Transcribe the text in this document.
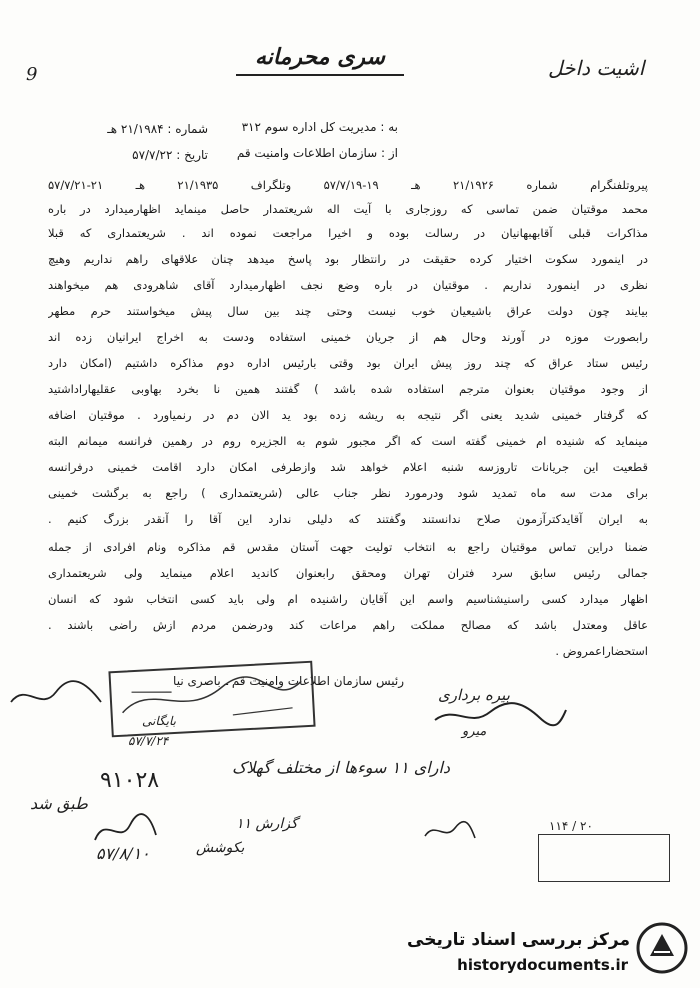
اشیت داخل
سری محرمانه
9
به : مدیریت کل اداره سوم ۳۱۲
از : سازمان اطلاعات وامنیت قم
شماره : ۲۱/۱۹۸۴ هـ
تاریخ : ۵۷/۷/۲۲
پیروتلفنگرام شماره ۲۱/۱۹۲۶ هـ ۱۹-۵۷/۷/۱۹ وتلگراف ۲۱/۱۹۳۵ هـ ۲۱-۵۷/۷/۲۱
محمد موقتیان ضمن تماسی که روزجاری با آیت اله شریعتمدار حاصل مینماید اظهارمیدارد در باره
مذاکرات قبلی آقابهبهانیان در رسالت بوده و اخیرا مراجعت نموده اند . شریعتمداری که قبلا
در اینمورد سکوت اختیار کرده حقیقت در رانتظار بود پاسخ میدهد چنان علاقهای راهم نداریم وهیچ
نظری در اینمورد نداریم . موقتیان در باره وضع نجف اظهارمیدارد آقای شاهرودی هم میخواهند
بیایند چون دولت عراق باشیعیان خوب نیست وحتی چند بین سال پیش میخواستند حرم مطهر
رابصورت موزه در آورند وحال هم از جریان خمینی استفاده ودست به اخراج ایرانیان زده اند
رئیس ستاد عراق که چند روز پیش ایران بود وقتی بارئیس اداره دوم مذاکره داشتیم (امکان دارد
از وجود موقتیان بعنوان مترجم استفاده شده باشد ) گفتند همین نا بخرد بهاوبی عقلیهاراداشتید
که گرفتار خمینی شدید یعنی اگر نتیجه به ریشه زده بود ید الان دم در رنمیاورد . موقتیان اضافه
مینماید که شنیده ام خمینی گفته است که اگر مجبور شوم به الجزیره روم در رهمین فرانسه میمانم البته
قطعیت این جریانات تاروزسه شنبه اعلام خواهد شد وازطرفی امکان دارد اقامت خمینی درفرانسه
برای مدت سه ماه تمدید شود ودرمورد نظر جناب عالی (شریعتمداری ) راجع به برگشت خمینی
به ایران آقایدکترآزمون صلاح ندانستند وگفتند که دلیلی ندارد این آقا را آنقدر بزرگ کنیم .
ضمنا دراین تماس موقتیان راجع به انتخاب تولیت جهت آستان مقدس قم مذاکره ونام افرادی از جمله
جمالی رئیس سابق سرد فتران تهران ومحقق رابعنوان کاندید اعلام مینماید ولی شریعتمداری
اظهار میدارد کسی راسنیشناسیم واسم این آقایان راشنیده ام ولی باید کسی انتخاب شود که انسان
عاقل ومعتدل باشد که مصالح مملکت راهم مراعات کند ودرضمن مردم ازش راضی باشند .
استحضاراعمروض .
رئیس سازمان اطلاعات وامنیت قم ـ باصری نیا
بیره برداری
میرو
بایگانی
۵۷/۷/۲۴
دارای ۱۱ سوءها از مختلف گهلاک
۹۱۰۲۸
طبق شد
۵۷/۸/۱۰	بکوشش
گزارش ۱۱	۲۰ / ۱۱۴
مرکز بررسی اسناد تاریخی
historydocuments.ir
